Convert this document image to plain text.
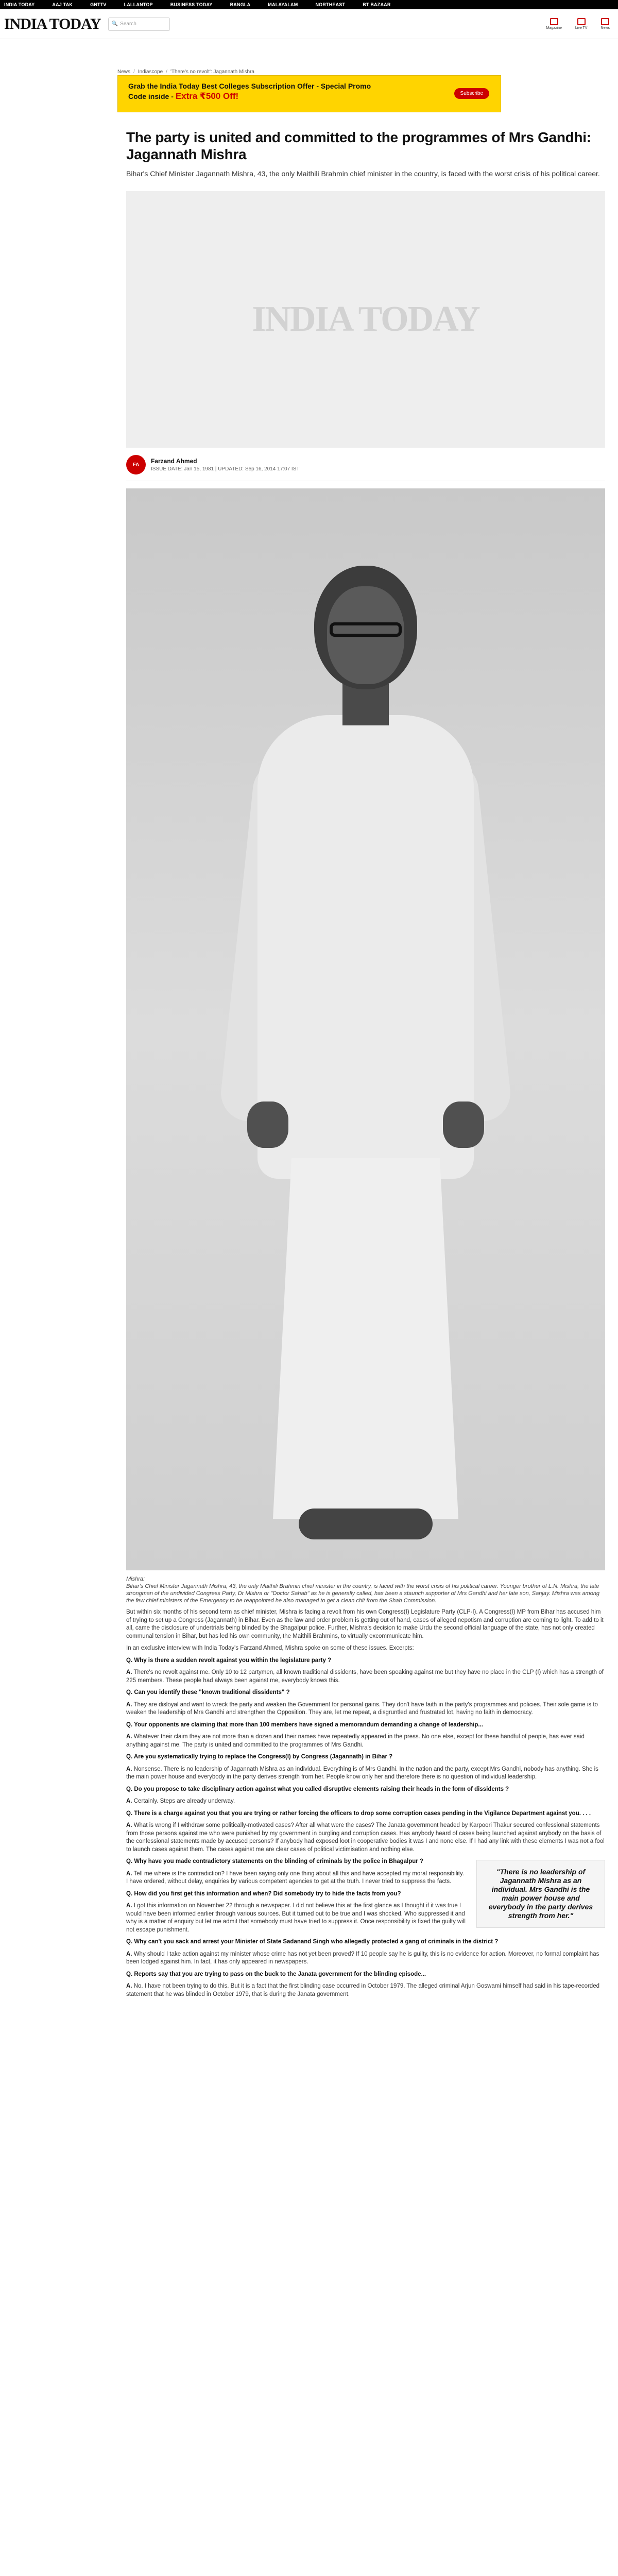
INDIA TODAY	AAJ TAK	GNTTV	LALLANTOP	BUSINESS TODAY	BANGLA	MALAYALAM	NORTHEAST	BT BAZAAR
INDIA TODAY 🔍 Search
Magazine	Live TV	News
News / Indiascope / 'There's no revolt': Jagannath Mishra
Grab the India Today Best Colleges Subscription Offer - Special Promo
Code inside - Extra ₹500 Off!	Subscribe
The party is united and committed to the programmes of Mrs Gandhi: Jagannath Mishra

Bihar's Chief Minister Jagannath Mishra, 43, the only Maithili Brahmin chief minister in the country, is faced with the worst crisis of his political career.

INDIA TODAY
FA	Farzand Ahmed
ISSUE DATE: Jan 15, 1981 | UPDATED: Sep 16, 2014 17:07 IST

Mishra:
Bihar's Chief Minister Jagannath Mishra, 43, the only Maithili Brahmin chief minister in the country, is faced with the worst crisis of his political career. Younger brother of L.N. Mishra, the late strongman of the undivided Congress Party, Dr Mishra or "Doctor Sahab" as he is generally called, has been a staunch supporter of Mrs Gandhi and her late son, Sanjay. Mishra was among the few chief ministers of the Emergency to be reappointed he also managed to get a clean chit from the Shah Commission.

But within six months of his second term as chief minister, Mishra is facing a revolt from his own Congress(I) Legislature Party (CLP-I). A Congress(I) MP from Bihar has accused him of trying to set up a Congress (Jagannath) in Bihar. Even as the law and order problem is getting out of hand, cases of alleged nepotism and corruption are coming to light. To add to it all, came the disclosure of undertrials being blinded by the Bhagalpur police. Further, Mishra's decision to make Urdu the second official language of the state, has not only created communal tension in Bihar, but has led his own community, the Maithili Brahmins, to virtually excommunicate him.

In an exclusive interview with India Today's Farzand Ahmed, Mishra spoke on some of these issues. Excerpts:

Q. Why is there a sudden revolt against you within the legislature party ?

A. There's no revolt against me. Only 10 to 12 partymen, all known traditional dissidents, have been speaking against me but they have no place in the CLP (I) which has a strength of 225 members. These people had always been against me, everybody knows this.

Q. Can you identify these "known traditional dissidents" ?

A. They are disloyal and want to wreck the party and weaken the Government for personal gains. They don't have faith in the party's programmes and policies. Their sole game is to weaken the leadership of Mrs Gandhi and strengthen the Opposition. They are, let me repeat, a disgruntled and frustrated lot, having no faith in democracy.

Q. Your opponents are claiming that more than 100 members have signed a memorandum demanding a change of leadership...

A. Whatever their claim they are not more than a dozen and their names have repeatedly appeared in the press. No one else, except for these handful of people, has ever said anything against me. The party is united and committed to the programmes of Mrs Gandhi.

Q. Are you systematically trying to replace the Congress(I) by Congress (Jagannath) in Bihar ?

A. Nonsense. There is no leadership of Jagannath Mishra as an individual. Everything is of Mrs Gandhi. In the nation and the party, except Mrs Gandhi, nobody has anything. She is the main power house and everybody in the party derives strength from her. People know only her and therefore there is no question of individual leadership.

Q. Do you propose to take disciplinary action against what you called disruptive elements raising their heads in the form of dissidents ?

A. Certainly. Steps are already underway.

Q. There is a charge against you that you are trying or rather forcing the officers to drop some corruption cases pending in the Vigilance Department against you. . . .

A. What is wrong if I withdraw some politically-motivated cases? After all what were the cases? The Janata government headed by Karpoori Thakur secured confessional statements from those persons against me who were punished by my government in burgling and corruption cases. Has anybody heard of cases being launched against anybody on the basis of the confessional statements made by accused persons? If anybody had exposed loot in cooperative bodies it was I and none else. If I had any link with these elements I was not a fool to launch cases against them. The cases against me are clear cases of political victimisation and nothing else.

"There is no leadership of Jagannath Mishra as an individual. Mrs Gandhi is the main power house and everybody in the party derives strength from her."

Q. Why have you made contradictory statements on the blinding of criminals by the police in Bhagalpur ?

A. Tell me where is the contradiction? I have been saying only one thing about all this and have accepted my moral responsibility. I have ordered, without delay, enquiries by various competent agencies to get at the truth. I never tried to suppress the facts.

Q. How did you first get this information and when? Did somebody try to hide the facts from you?

A. I got this information on November 22 through a newspaper. I did not believe this at the first glance as I thought if it was true I would have been informed earlier through various sources. But it turned out to be true and I was shocked. Who suppressed it and why is a matter of enquiry but let me admit that somebody must have tried to suppress it. Once responsibility is fixed the guilty will not escape punishment.

Q. Why can't you sack and arrest your Minister of State Sadanand Singh who allegedly protected a gang of criminals in the district ?

A. Why should I take action against my minister whose crime has not yet been proved? If 10 people say he is guilty, this is no evidence for action. Moreover, no formal complaint has been lodged against him. In fact, it has only appeared in newspapers.

Q. Reports say that you are trying to pass on the buck to the Janata government for the blinding episode...

A. No. I have not been trying to do this. But it is a fact that the first blinding case occurred in October 1979. The alleged criminal Arjun Goswami himself had said in his tape-recorded statement that he was blinded in October 1979, that is during the Janata government.
